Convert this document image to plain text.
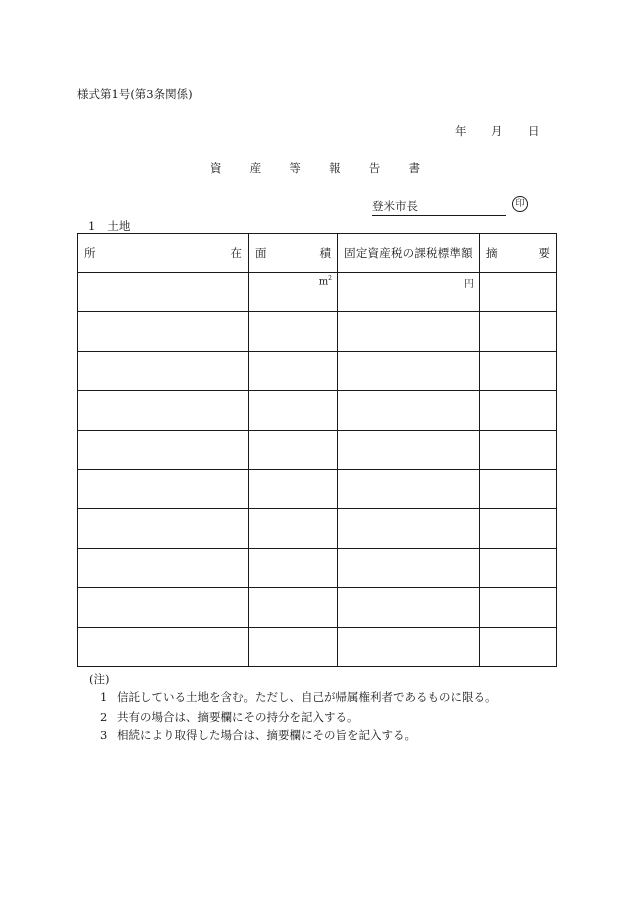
様式第1号(第3条関係)
年 月 日
資 産 等 報 告 書
登米市長	印
1 土地
所 在	面 積	固定資産税の課税標準額	摘 要

	$m^2$	円	

(注)
1 信託している土地を含む。ただし、自己が帰属権利者であるものに限る。
2 共有の場合は、摘要欄にその持分を記入する。
3 相続により取得した場合は、摘要欄にその旨を記入する。
